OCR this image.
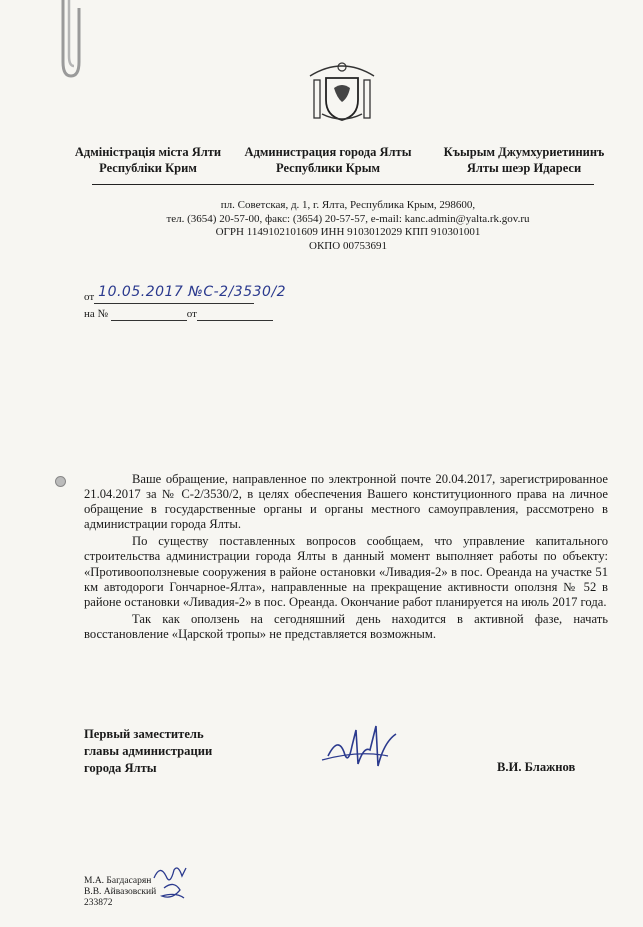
Адміністрація міста Ялти
Республіки Крим
Администрация города Ялты
Республики Крым
Къырым Джумхуриетининъ
Ялты шеэр Идареси
пл. Советская, д. 1, г. Ялта, Республика Крым, 298600,
тел. (3654) 20-57-00, факс: (3654) 20-57-57, e-mail: kanc.admin@yalta.rk.gov.ru
ОГРН 1149102101609 ИНН 9103012029 КПП 910301001
ОКПО 00753691
от 10.05.2017 №С-2/3530/2
на №	от

Ваше обращение, направленное по электронной почте 20.04.2017, зарегистрированное 21.04.2017 за № С-2/3530/2, в целях обеспечения Вашего конституционного права на личное обращение в государственные органы и органы местного самоуправления, рассмотрено в администрации города Ялты.

По существу поставленных вопросов сообщаем, что управление капитального строительства администрации города Ялты в данный момент выполняет работы по объекту: «Противооползневые сооружения в районе остановки «Ливадия-2» в пос. Ореанда на участке 51 км автодороги Гончарное-Ялта», направленные на прекращение активности оползня № 52 в районе остановки «Ливадия-2» в пос. Ореанда. Окончание работ планируется на июль 2017 года.

Так как оползень на сегодняшний день находится в активной фазе, начать восстановление «Царской тропы» не представляется возможным.

Первый заместитель
главы администрации
города Ялты	В.И. Блажнов
М.А. Багдасарян
В.В. Айвазовский
233872
